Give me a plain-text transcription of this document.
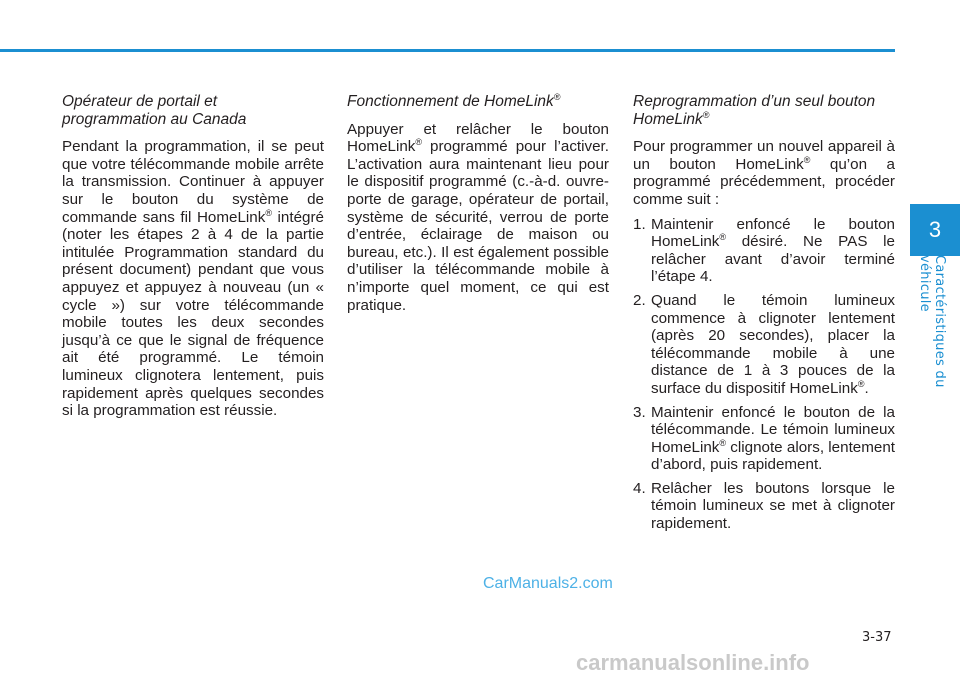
Opérateur de portail et
programmation au Canada

Pendant la programmation, il se peut que votre télécommande mobile arrête la transmission. Continuer à appuyer sur le bouton du système de commande sans fil HomeLink® intégré (noter les étapes 2 à 4 de la partie intitulée Programmation standard du présent document) pendant que vous appuyez et appuyez à nouveau (un « cycle ») sur votre télécommande mobile toutes les deux secondes jusqu’à ce que le signal de fréquence ait été programmé. Le témoin lumineux clignotera lentement, puis rapidement après quelques secondes si la programmation est réussie.

Fonctionnement de HomeLink®

Appuyer et relâcher le bouton HomeLink® programmé pour l’activer. L’activation aura maintenant lieu pour le dispositif programmé (c.-à-d. ouvre-porte de garage, opérateur de portail, système de sécurité, verrou de porte d’entrée, éclairage de maison ou bureau, etc.). Il est également possible d’utiliser la télécommande mobile à n’importe quel moment, ce qui est pratique.

Reprogrammation d’un seul bouton
HomeLink®

Pour programmer un nouvel appareil à un bouton HomeLink® qu’on a programmé précédemment, procéder comme suit :

1. Maintenir enfoncé le bouton HomeLink® désiré. Ne PAS le relâcher avant d’avoir terminé l’étape 4.
2. Quand le témoin lumineux commence à clignoter lentement (après 20 secondes), placer la télécommande mobile à une distance de 1 à 3 pouces de la surface du dispositif HomeLink®.
3. Maintenir enfoncé le bouton de la télécommande. Le témoin lumineux HomeLink® clignote alors, lentement d’abord, puis rapidement.
4. Relâcher les boutons lorsque le témoin lumineux se met à clignoter rapidement.
3
Caractéristiques du véhicule
CarManuals2.com
3-37
carmanualsonline.info
